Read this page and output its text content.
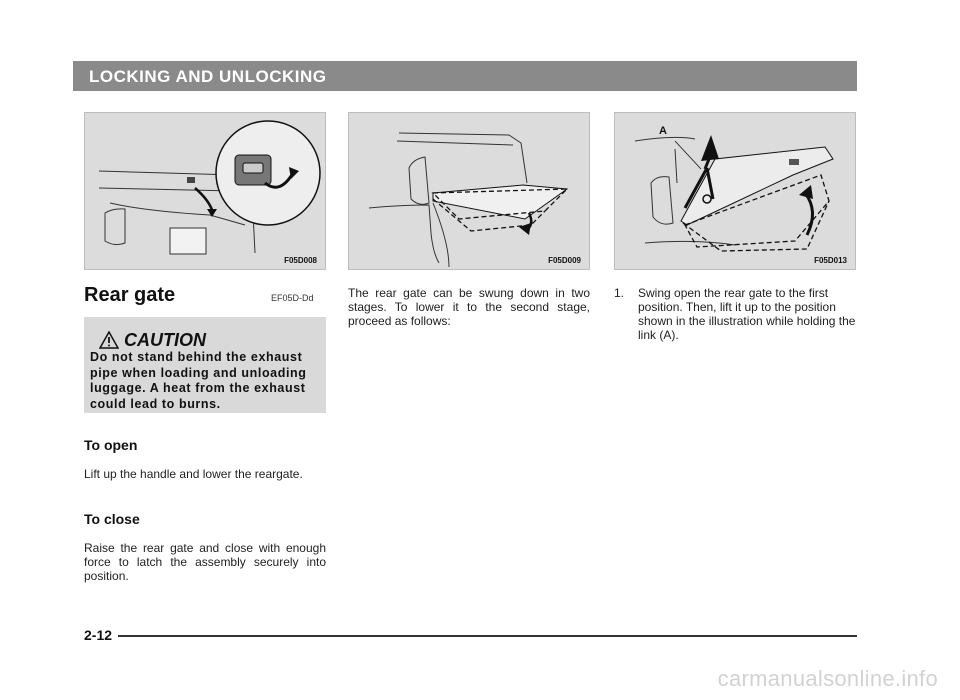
LOCKING AND UNLOCKING
F05D008	F05D009
A
F05D013
Rear gate	EF05D-Dd
CAUTION
Do not stand behind the exhaust pipe when loading and unloading luggage. A heat from the exhaust could lead to burns.
To open
Lift up the handle and lower the reargate.
To close
Raise the rear gate and close with enough force to latch the assembly securely into position.
The rear gate can be swung down in two stages. To lower it to the second stage, proceed as follows:
1.	Swing open the rear gate to the first position. Then, lift it up to the position shown in the illustration while holding the link (A).
2-12
carmanualsonline.info
